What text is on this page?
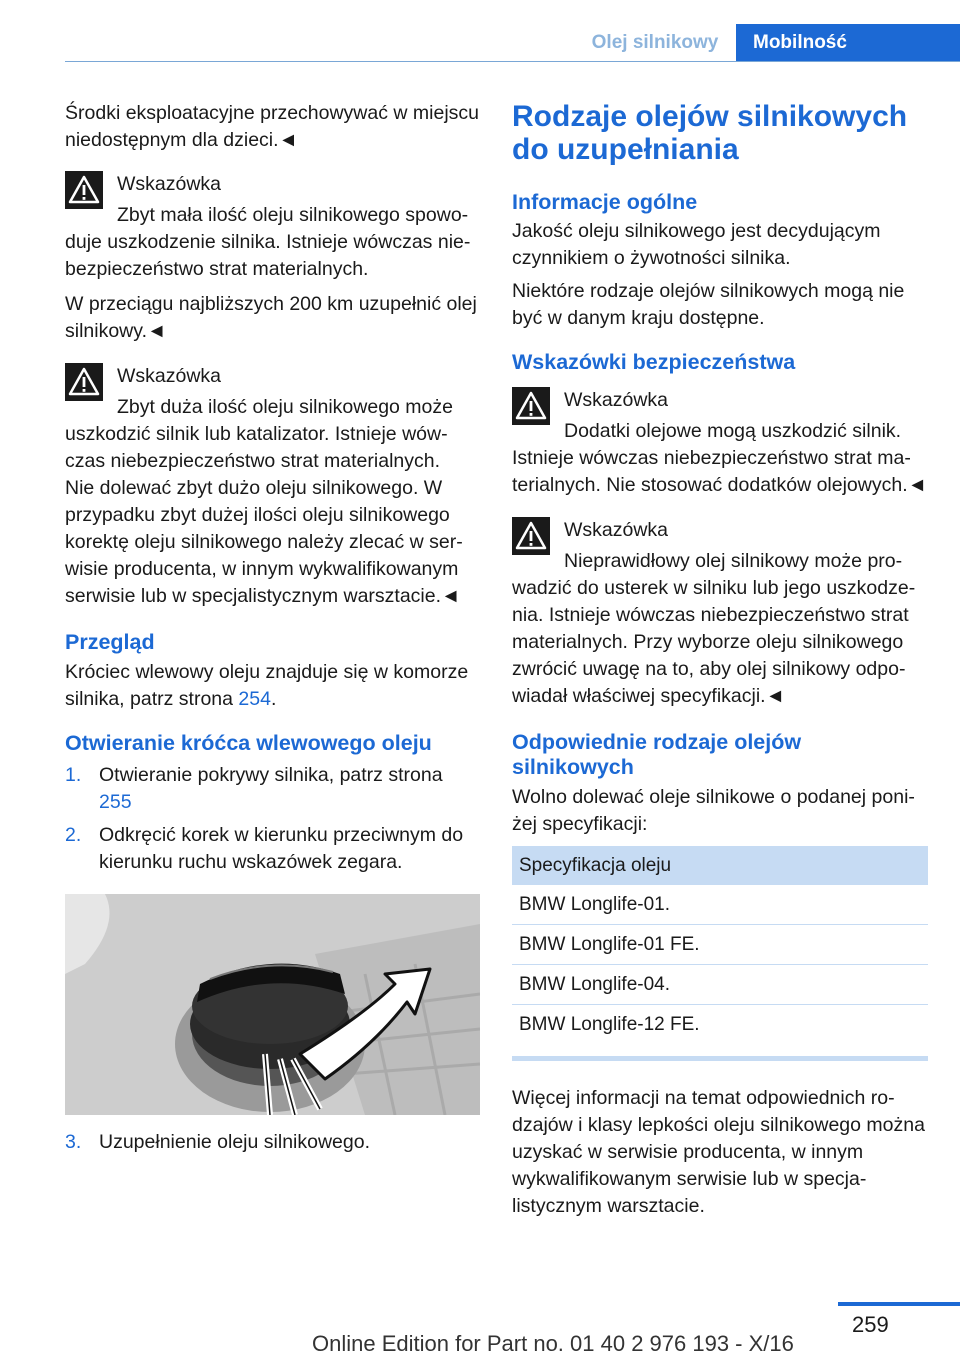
Olej silnikowy	Mobilność

Środki eksploatacyjne przechowywać w miejscu niedostępnym dla dzieci.◄

Wskazówka

Zbyt mała ilość oleju silnikowego spowoduje uszkodzenie silnika. Istnieje wówczas niebezpieczeństwo strat materialnych.

W przeciągu najbliższych 200 km uzupełnić olej silnikowy.◄

Wskazówka

Zbyt duża ilość oleju silnikowego może uszkodzić silnik lub katalizator. Istnieje wówczas niebezpieczeństwo strat materialnych.

Nie dolewać zbyt dużo oleju silnikowego. W przypadku zbyt dużej ilości oleju silnikowego korektę oleju silnikowego należy zlecać w serwisie producenta, w innym wykwalifikowanym serwisie lub w specjalistycznym warsztacie.◄

Przegląd

Króciec wlewowy oleju znajduje się w komorze silnika, patrz strona 254.

Otwieranie króćca wlewowego oleju

1. Otwieranie pokrywy silnika, patrz strona 255
2. Odkręcić korek w kierunku przeciwnym do kierunku ruchu wskazówek zegara.
3. Uzupełnienie oleju silnikowego.

Rodzaje olejów silnikowych do uzupełniania

Informacje ogólne

Jakość oleju silnikowego jest decydującym czynnikiem o żywotności silnika.

Niektóre rodzaje olejów silnikowych mogą nie być w danym kraju dostępne.

Wskazówki bezpieczeństwa

Wskazówka

Dodatki olejowe mogą uszkodzić silnik. Istnieje wówczas niebezpieczeństwo strat materialnych. Nie stosować dodatków olejowych.◄

Wskazówka

Nieprawidłowy olej silnikowy może prowadzić do usterek w silniku lub jego uszkodzenia. Istnieje wówczas niebezpieczeństwo strat materialnych. Przy wyborze oleju silnikowego zwrócić uwagę na to, aby olej silnikowy odpowiadał właściwej specyfikacji.◄

Odpowiednie rodzaje olejów silnikowych

Wolno dolewać oleje silnikowe o podanej poniżej specyfikacji:

Specyfikacja oleju
BMW Longlife-01.
BMW Longlife-01 FE.
BMW Longlife-04.
BMW Longlife-12 FE.

Więcej informacji na temat odpowiednich rodzajów i klasy lepkości oleju silnikowego można uzyskać w serwisie producenta, w innym wykwalifikowanym serwisie lub w specjalistycznym warsztacie.

259
Online Edition for Part no. 01 40 2 976 193 - X/16
